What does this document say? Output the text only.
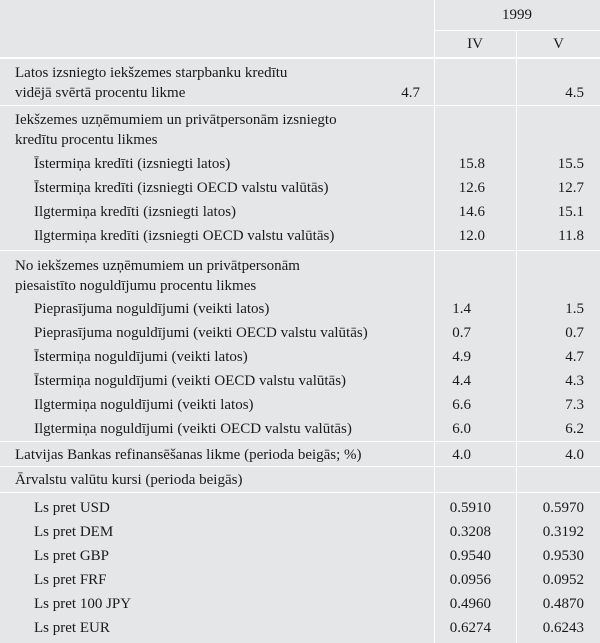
1999
IV	V
Latos izsniegto iekšzemes starpbanku kredītu
vidējā svērtā procentu likme	4.7	4.5
Iekšzemes uzņēmumiem un privātpersonām izsniegto
kredītu procentu likmes
Īstermiņa kredīti (izsniegti latos)	15.8	15.5
Īstermiņa kredīti (izsniegti OECD valstu valūtās)	12.6	12.7
Ilgtermiņa kredīti (izsniegti latos)	14.6	15.1
Ilgtermiņa kredīti (izsniegti OECD valstu valūtās)	12.0	11.8
No iekšzemes uzņēmumiem un privātpersonām
piesaistīto noguldījumu procentu likmes
Pieprasījuma noguldījumi (veikti latos)	1.4	1.5
Pieprasījuma noguldījumi (veikti OECD valstu valūtās)	0.7	0.7
Īstermiņa noguldījumi (veikti latos)	4.9	4.7
Īstermiņa noguldījumi (veikti OECD valstu valūtās)	4.4	4.3
Ilgtermiņa noguldījumi (veikti latos)	6.6	7.3
Ilgtermiņa noguldījumi (veikti OECD valstu valūtās)	6.0	6.2
Latvijas Bankas refinansēšanas likme (perioda beigās; %)	4.0	4.0
Ārvalstu valūtu kursi (perioda beigās)
Ls pret USD	0.5910	0.5970
Ls pret DEM	0.3208	0.3192
Ls pret GBP	0.9540	0.9530
Ls pret FRF	0.0956	0.0952
Ls pret 100 JPY	0.4960	0.4870
Ls pret EUR	0.6274	0.6243
